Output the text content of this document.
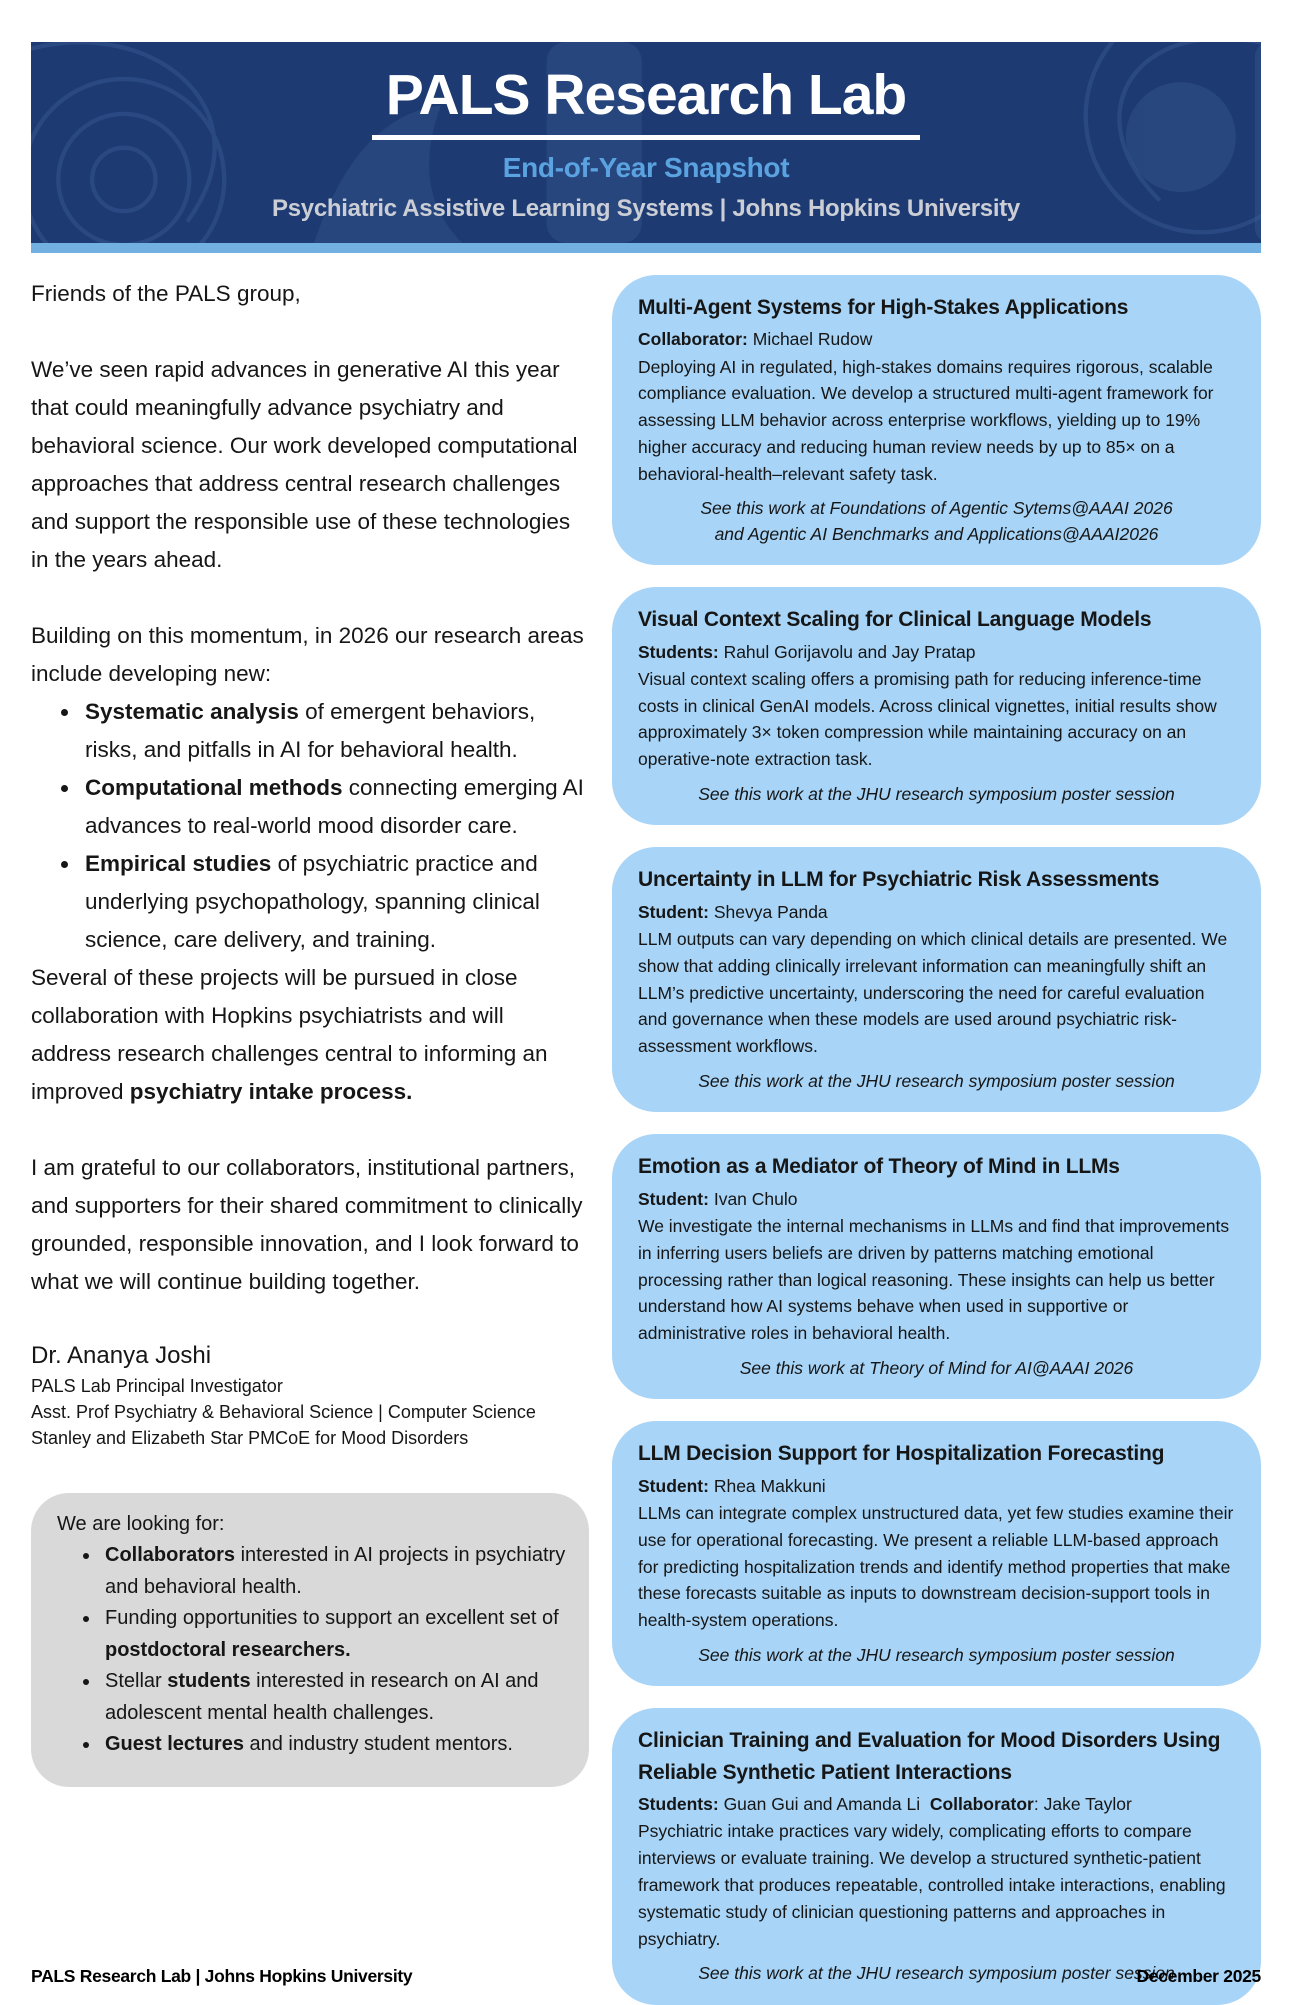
PALS Research Lab
End-of-Year Snapshot
Psychiatric Assistive Learning Systems | Johns Hopkins University

Friends of the PALS group,

We’ve seen rapid advances in generative AI this year that could meaningfully advance psychiatry and behavioral science. Our work developed computational approaches that address central research challenges and support the responsible use of these technologies in the years ahead.

Building on this momentum, in 2026 our research areas include developing new:

• Systematic analysis of emergent behaviors, risks, and pitfalls in AI for behavioral health.
• Computational methods connecting emerging AI advances to real-world mood disorder care.
• Empirical studies of psychiatric practice and underlying psychopathology, spanning clinical science, care delivery, and training.

Several of these projects will be pursued in close collaboration with Hopkins psychiatrists and will address research challenges central to informing an improved psychiatry intake process.

I am grateful to our collaborators, institutional partners, and supporters for their shared commitment to clinically grounded, responsible innovation, and I look forward to what we will continue building together.

Dr. Ananya Joshi
PALS Lab Principal Investigator
Asst. Prof Psychiatry & Behavioral Science | Computer Science
Stanley and Elizabeth Star PMCoE for Mood Disorders
We are looking for:
• Collaborators interested in AI projects in psychiatry and behavioral health.
• Funding opportunities to support an excellent set of postdoctoral researchers.
• Stellar students interested in research on AI and adolescent mental health challenges.
• Guest lectures and industry student mentors.
Multi-Agent Systems for High-Stakes Applications
Collaborator: Michael Rudow
Deploying AI in regulated, high-stakes domains requires rigorous, scalable compliance evaluation. We develop a structured multi-agent framework for assessing LLM behavior across enterprise workflows, yielding up to 19% higher accuracy and reducing human review needs by up to 85× on a behavioral-health–relevant safety task.
See this work at Foundations of Agentic Sytems@AAAI 2026
and Agentic AI Benchmarks and Applications@AAAI2026
Visual Context Scaling for Clinical Language Models
Students: Rahul Gorijavolu and Jay Pratap
Visual context scaling offers a promising path for reducing inference-time costs in clinical GenAI models. Across clinical vignettes, initial results show approximately 3× token compression while maintaining accuracy on an operative-note extraction task.
See this work at the JHU research symposium poster session
Uncertainty in LLM for Psychiatric Risk Assessments
Student: Shevya Panda
LLM outputs can vary depending on which clinical details are presented. We show that adding clinically irrelevant information can meaningfully shift an LLM’s predictive uncertainty, underscoring the need for careful evaluation and governance when these models are used around psychiatric risk-assessment workflows.
See this work at the JHU research symposium poster session
Emotion as a Mediator of Theory of Mind in LLMs
Student: Ivan Chulo
We investigate the internal mechanisms in LLMs and find that improvements in inferring users beliefs are driven by patterns matching emotional processing rather than logical reasoning. These insights can help us better understand how AI systems behave when used in supportive or administrative roles in behavioral health.
See this work at Theory of Mind for AI@AAAI 2026
LLM Decision Support for Hospitalization Forecasting
Student: Rhea Makkuni
LLMs can integrate complex unstructured data, yet few studies examine their use for operational forecasting. We present a reliable LLM-based approach for predicting hospitalization trends and identify method properties that make these forecasts suitable as inputs to downstream decision-support tools in health-system operations.
See this work at the JHU research symposium poster session
Clinician Training and Evaluation for Mood Disorders Using Reliable Synthetic Patient Interactions
Students: Guan Gui and Amanda Li  Collaborator: Jake Taylor
Psychiatric intake practices vary widely, complicating efforts to compare interviews or evaluate training. We develop a structured synthetic-patient framework that produces repeatable, controlled intake interactions, enabling systematic study of clinician questioning patterns and approaches in psychiatry.
See this work at the JHU research symposium poster session
PALS Research Lab | Johns Hopkins University	December 2025
